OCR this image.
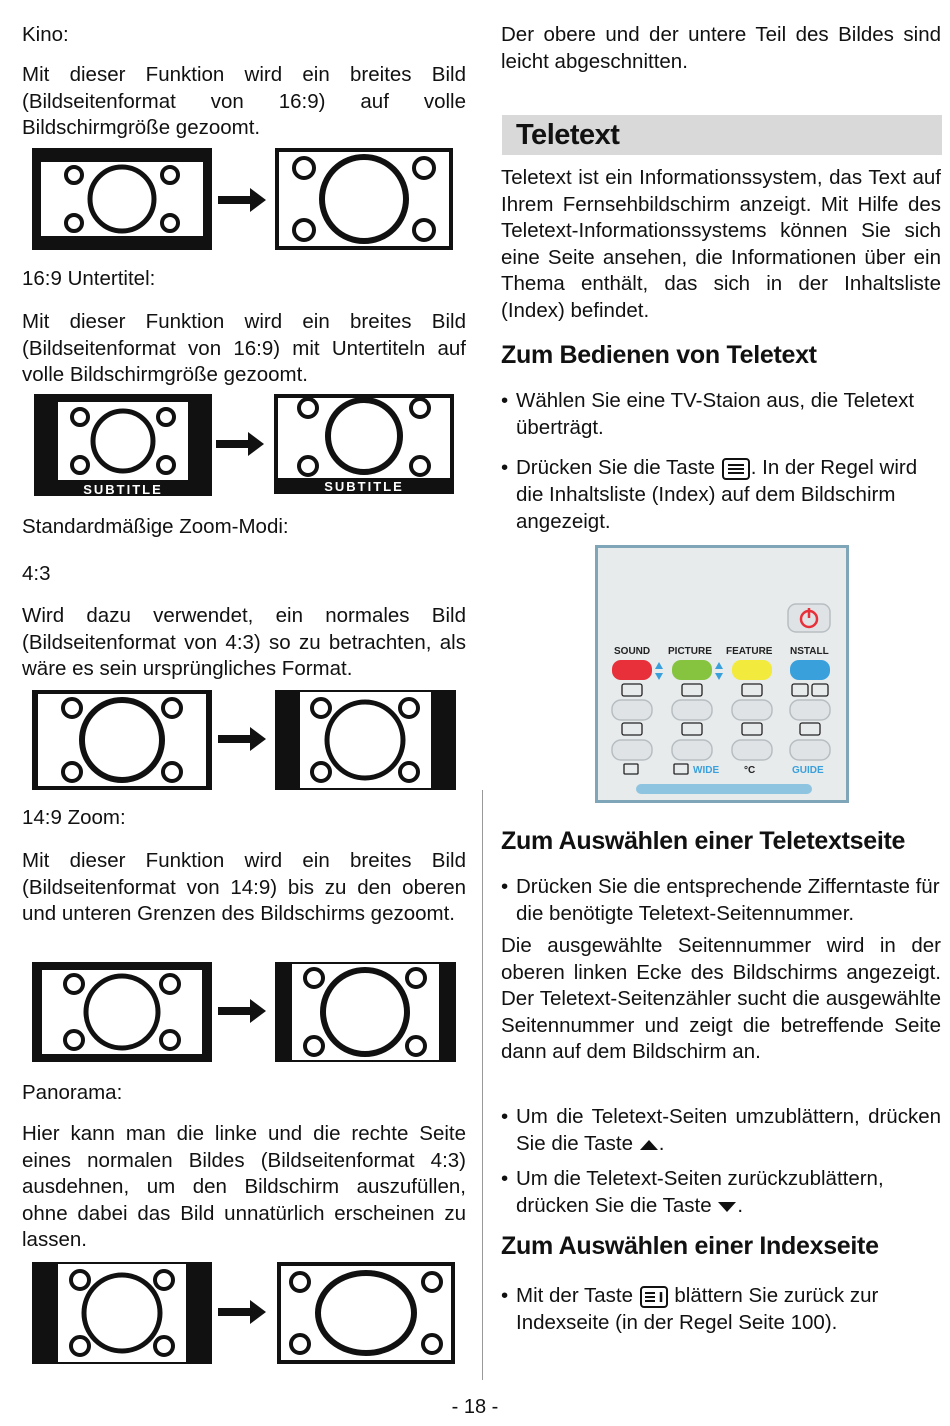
Kino:
Mit dieser Funktion wird ein breites Bild (Bildseitenformat von 16:9) auf volle Bildschirmgröße gezoomt.
16:9 Untertitel:
Mit dieser Funktion wird ein breites Bild (Bildseitenformat von 16:9) mit Untertiteln auf volle Bildschirmgröße gezoomt.
SUBTITLE	SUBTITLE
Standardmäßige Zoom-Modi:
4:3
Wird dazu verwendet, ein normales Bild (Bildseitenformat von 4:3) so zu betrachten, als wäre es sein ursprüngliches Format.
14:9 Zoom:
Mit dieser Funktion wird ein breites Bild (Bildseitenformat von 14:9) bis zu den oberen und unteren Grenzen des Bildschirms gezoomt.
Panorama:
Hier kann man die linke und die rechte Seite eines normalen Bildes (Bildseitenformat 4:3) ausdehnen, um den Bildschirm auszufüllen, ohne dabei das Bild unnatürlich erscheinen zu lassen.
Der obere und der untere Teil des Bildes sind leicht abgeschnitten.
Teletext
Teletext ist ein Informationssystem, das Text auf Ihrem Fernsehbildschirm anzeigt. Mit Hilfe des Teletext-Informationssystems können Sie sich eine Seite ansehen, die Informationen über ein Thema enthält, das sich in der Inhaltsliste (Index) befindet.
Zum Bedienen von Teletext
• Wählen Sie eine TV-Staion aus, die Teletext überträgt.
• Drücken Sie die Taste . In der Regel wird die Inhaltsliste (Index) auf dem Bildschirm angezeigt.
SOUND PICTURE FEATURE NSTALL
WIDE °C	GUIDE
Zum Auswählen einer Teletextseite
• Drücken Sie die entsprechende Zifferntaste für die benötigte Teletext-Seitennummer.
Die ausgewählte Seitennummer wird in der oberen linken Ecke des Bildschirms angezeigt. Der Teletext-Seitenzähler sucht die ausgewählte Seitennummer und zeigt die betreffende Seite dann auf dem Bildschirm an.
• Um die Teletext-Seiten umzublättern, drücken Sie die Taste .
• Um die Teletext-Seiten zurückzublättern, drücken Sie die Taste .
Zum Auswählen einer Indexseite
• Mit der Taste blättern Sie zurück zur Indexseite (in der Regel Seite 100).
- 18 -
